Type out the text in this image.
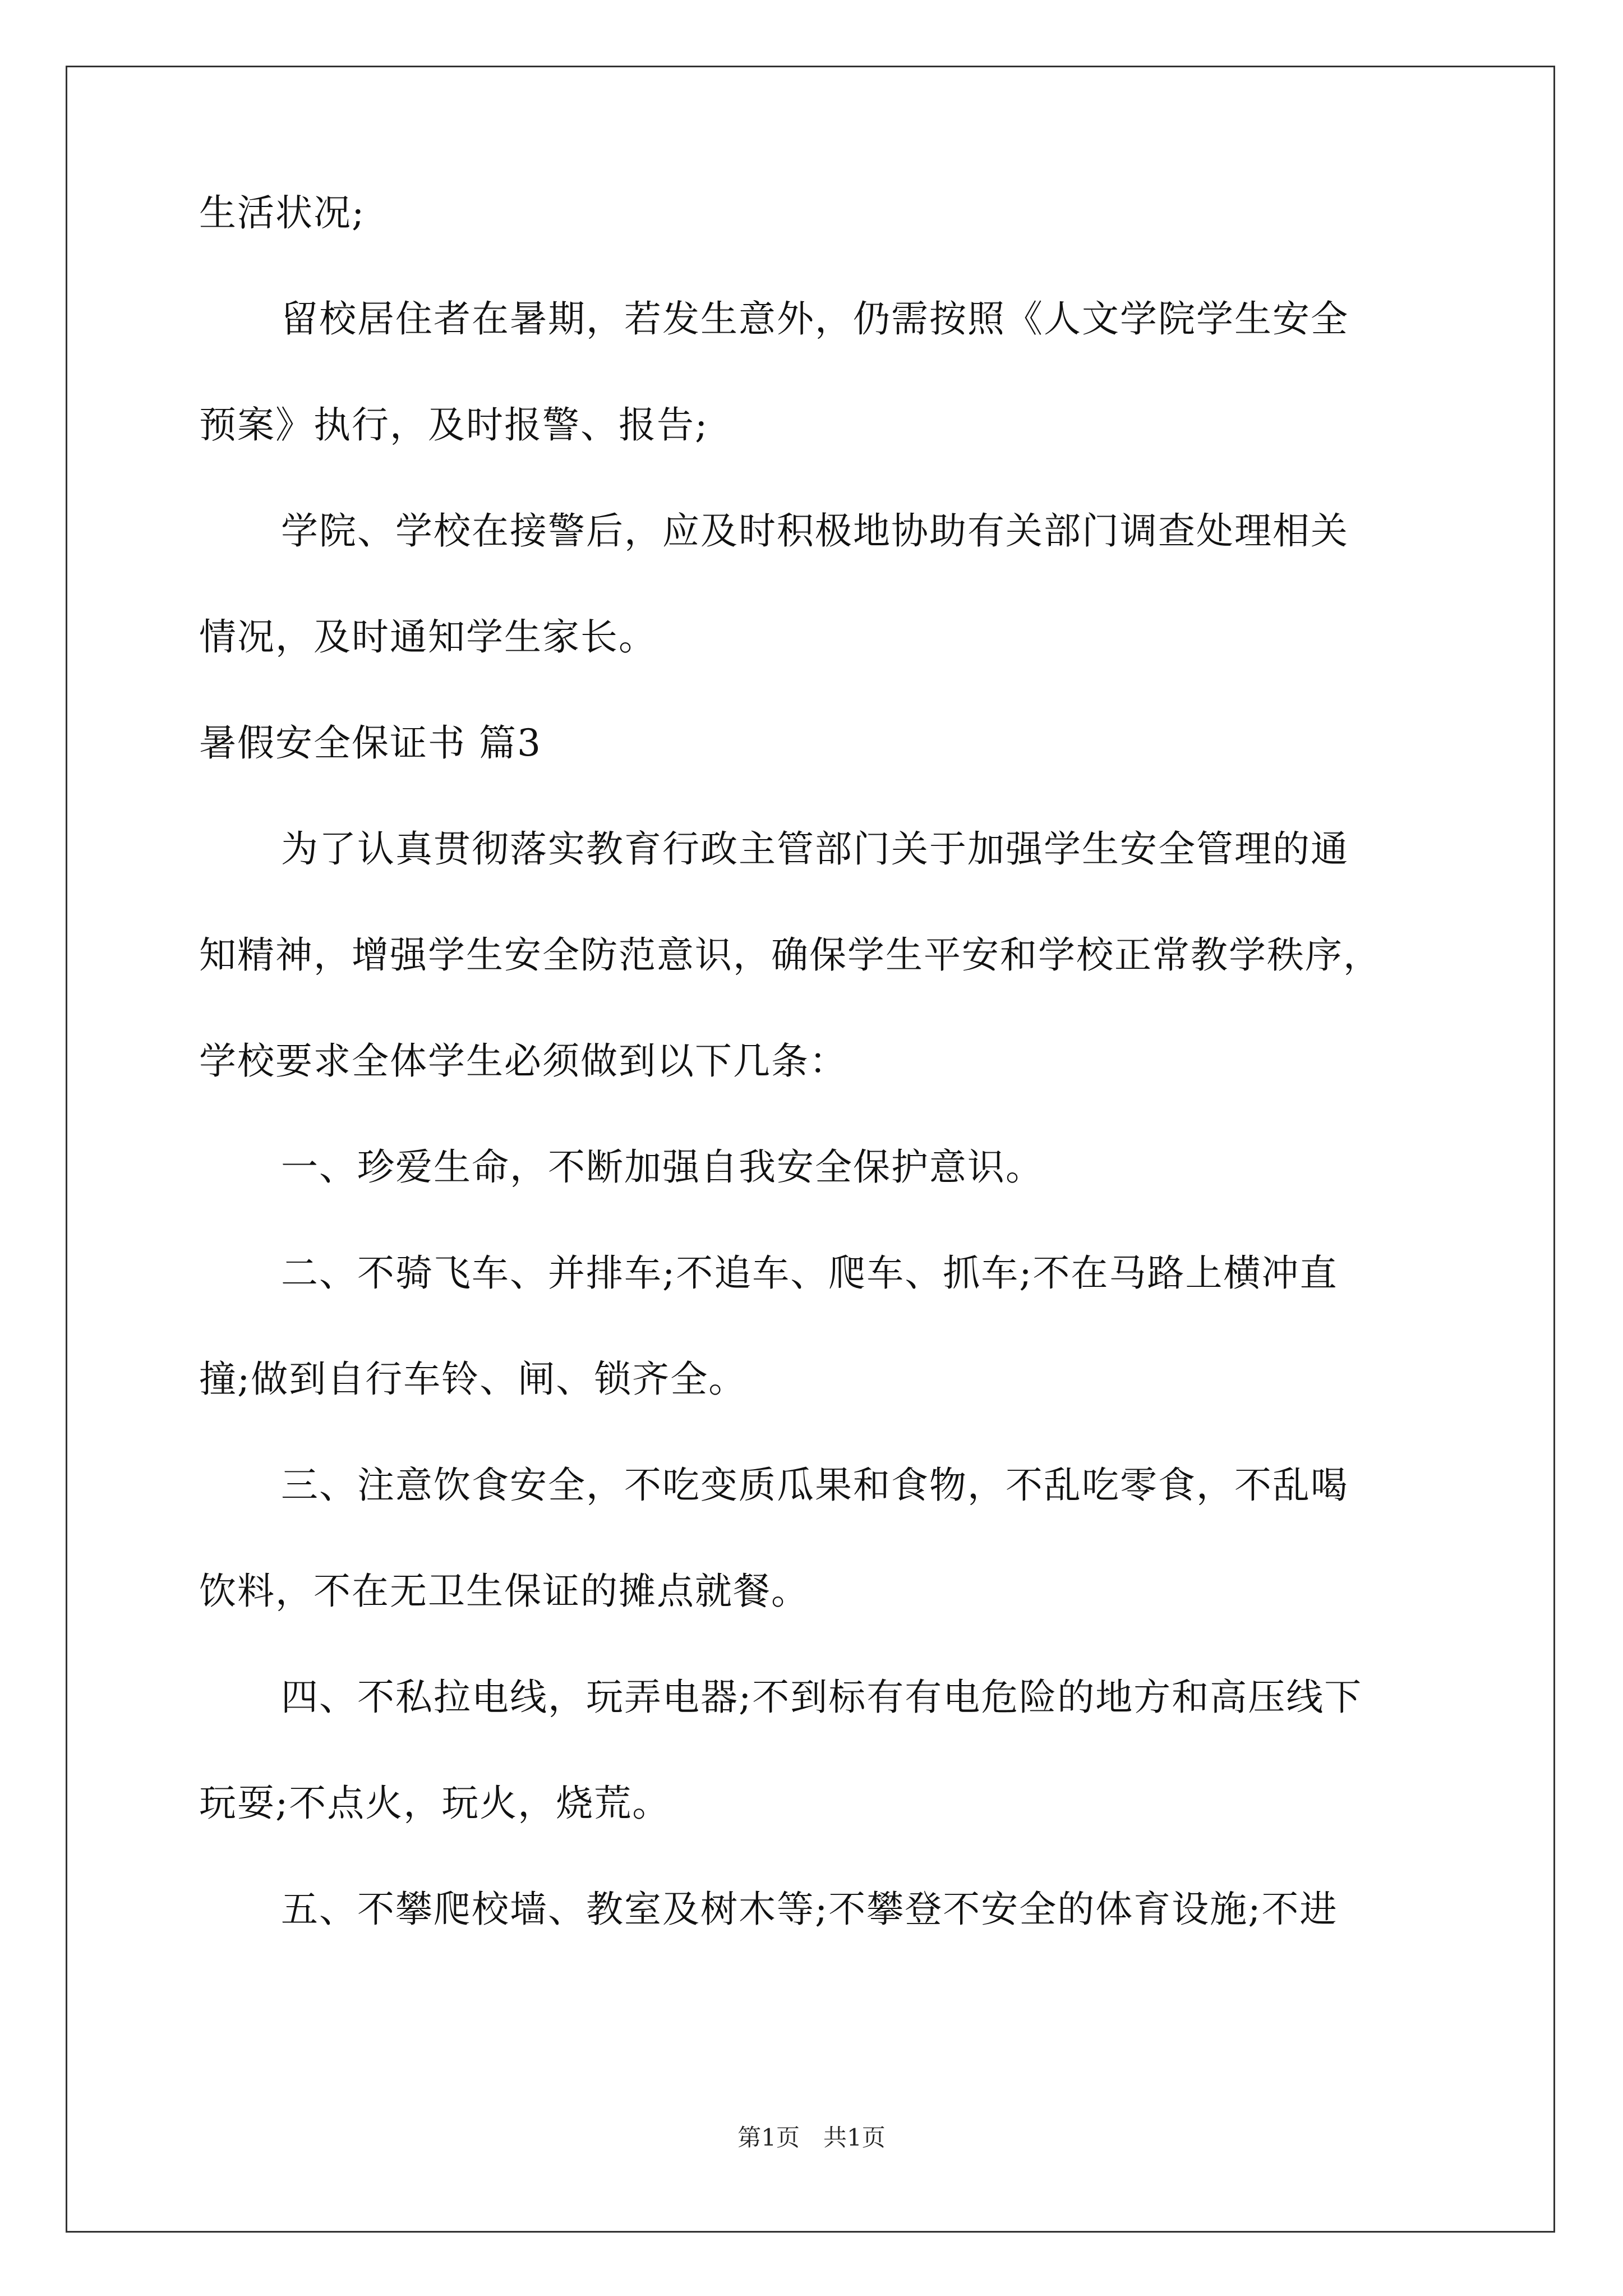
生活状况;
留校居住者在暑期，若发生意外，仍需按照《人文学院学生安全
预案》执行，及时报警、报告;
学院、学校在接警后，应及时积极地协助有关部门调查处理相关
情况，及时通知学生家长。
暑假安全保证书 篇3
为了认真贯彻落实教育行政主管部门关于加强学生安全管理的通
知精神，增强学生安全防范意识，确保学生平安和学校正常教学秩序，
学校要求全体学生必须做到以下几条：
一、珍爱生命，不断加强自我安全保护意识。
二、不骑飞车、并排车;不追车、爬车、抓车;不在马路上横冲直
撞;做到自行车铃、闸、锁齐全。
三、注意饮食安全，不吃变质瓜果和食物，不乱吃零食，不乱喝
饮料，不在无卫生保证的摊点就餐。
四、不私拉电线，玩弄电器;不到标有有电危险的地方和高压线下
玩耍;不点火，玩火，烧荒。
五、不攀爬校墙、教室及树木等;不攀登不安全的体育设施;不进
第1页　共1页
